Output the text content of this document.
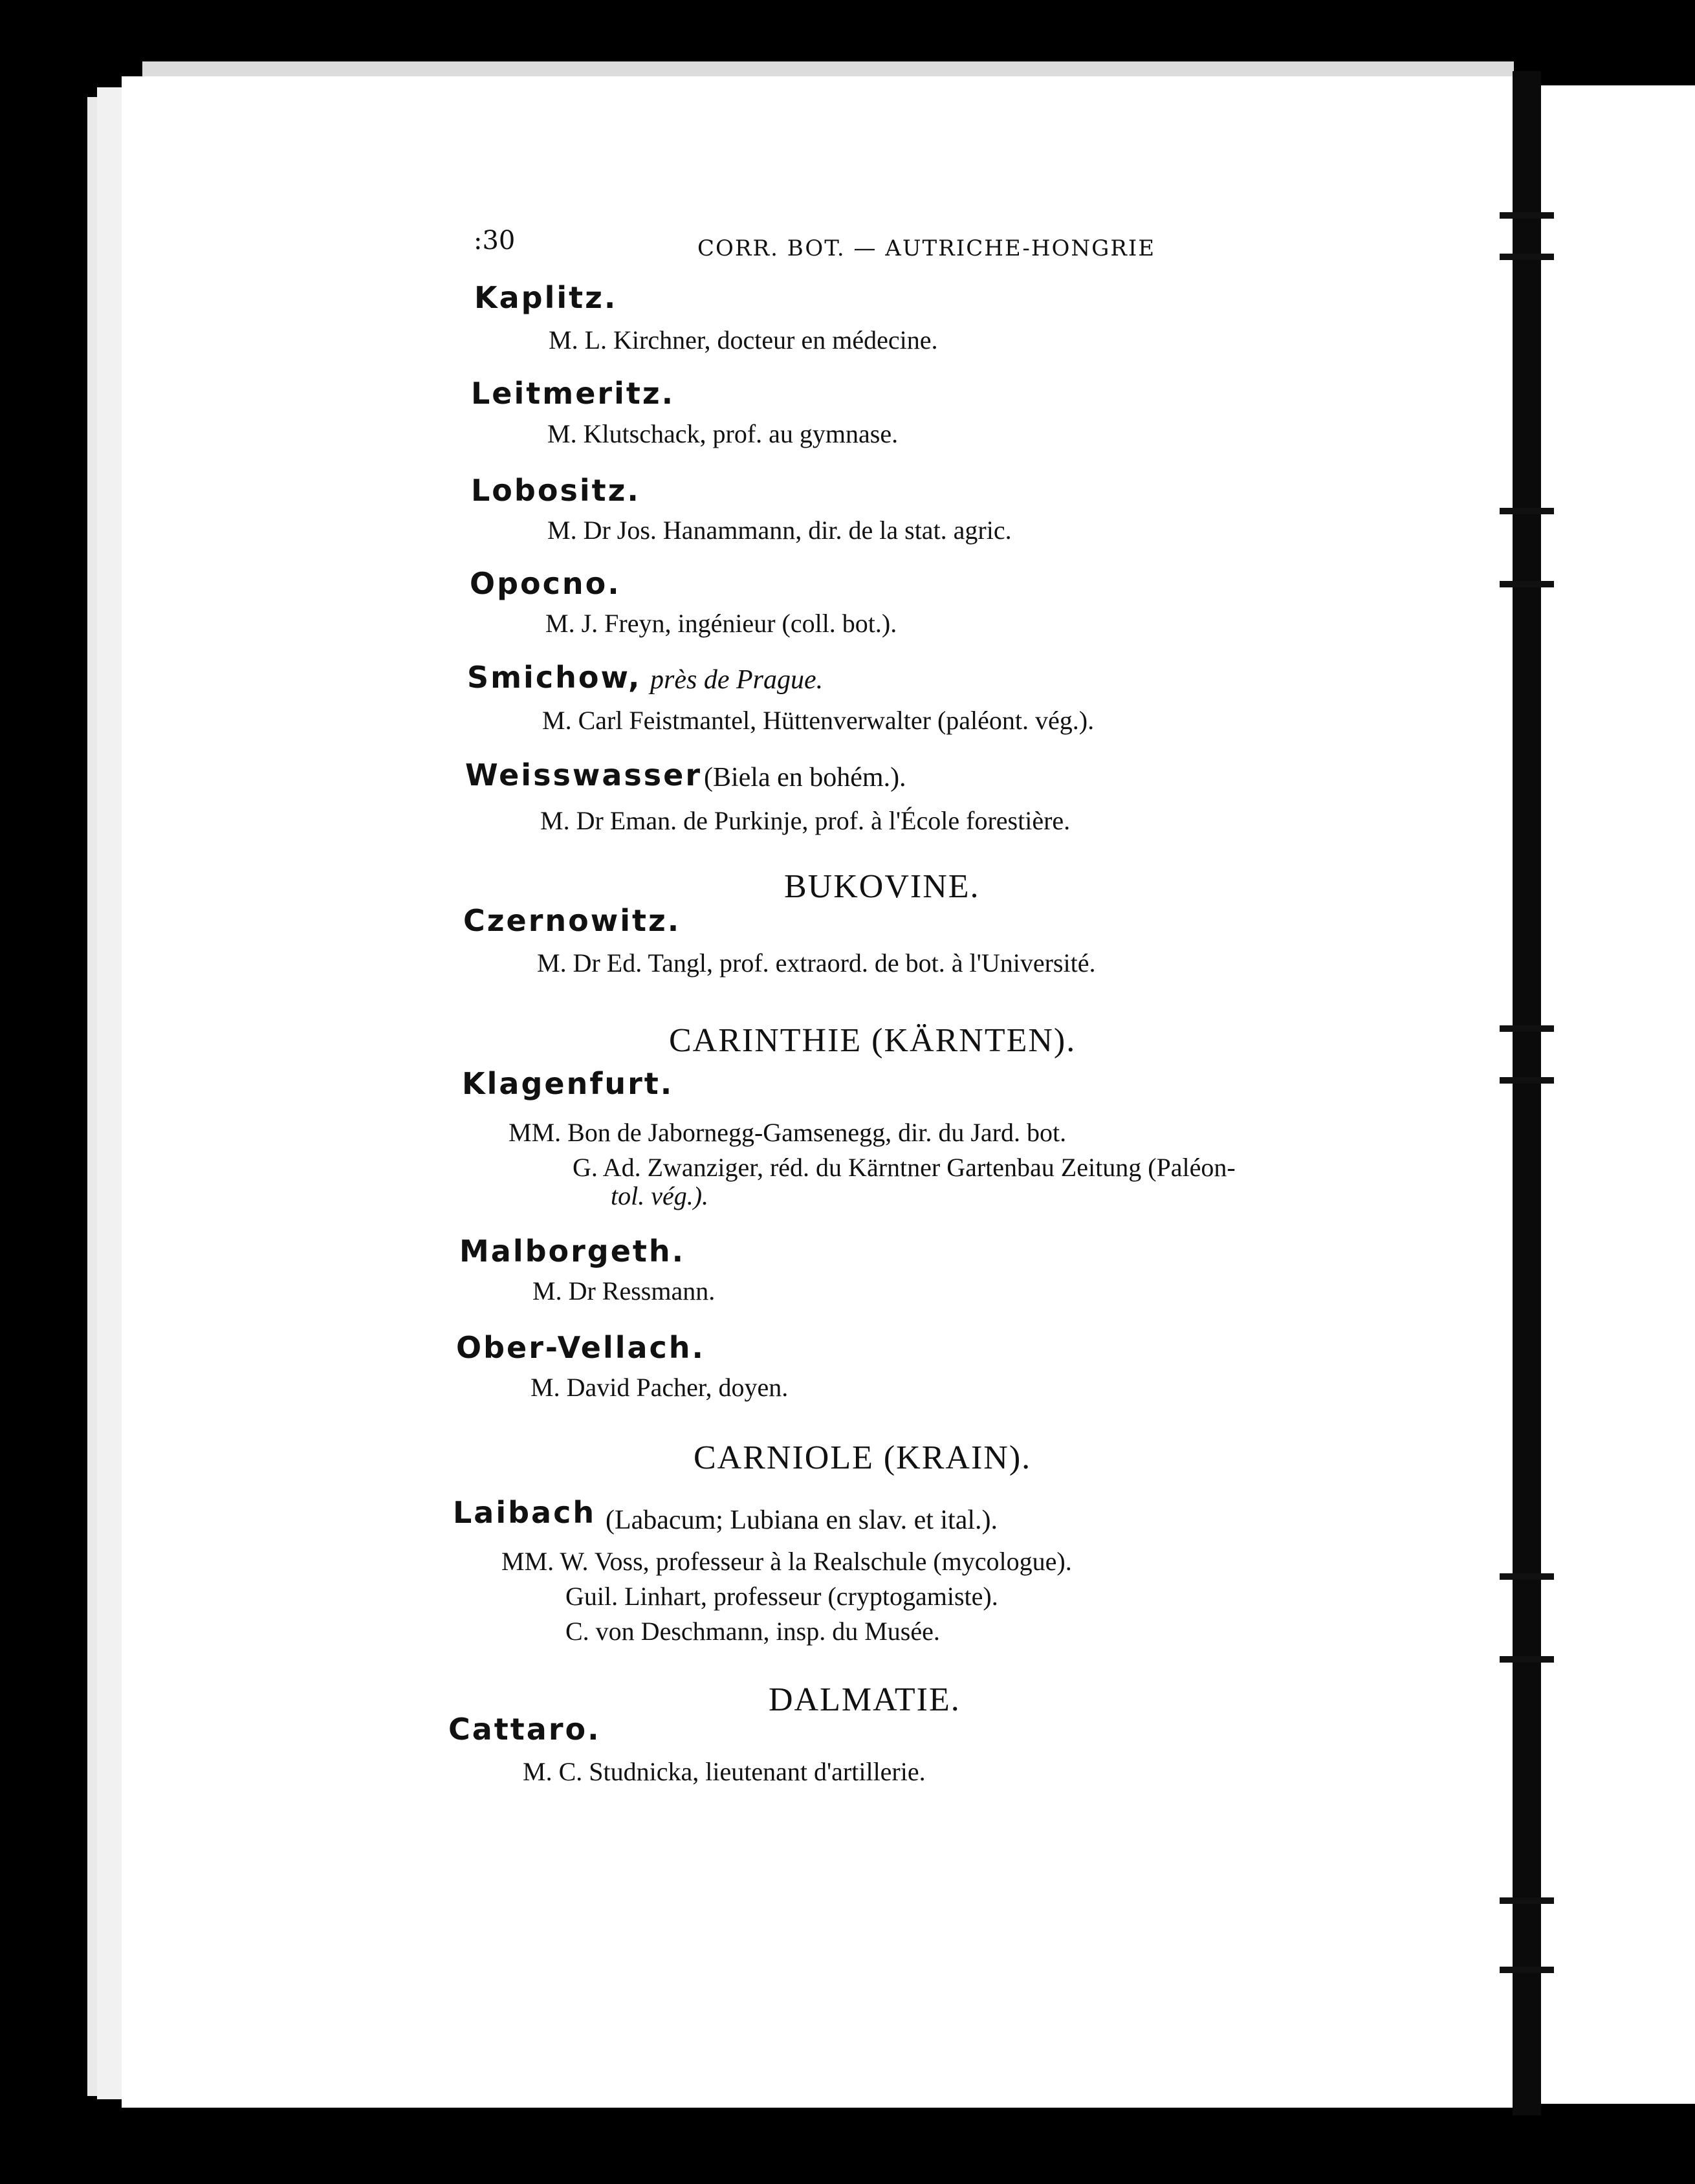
:30	CORR. BOT. — AUTRICHE-HONGRIE
Kaplitz.
M. L. Kirchner, docteur en médecine.
Leitmeritz.
M. Klutschack, prof. au gymnase.
Lobositz.
M. Dr Jos. Hanammann, dir. de la stat. agric.
Opocno.
M. J. Freyn, ingénieur (coll. bot.).
Smichow, près de Prague.
M. Carl Feistmantel, Hüttenverwalter (paléont. vég.).
Weisswasser (Biela en bohém.).
M. Dr Eman. de Purkinje, prof. à l'École forestière.
BUKOVINE.
Czernowitz.
M. Dr Ed. Tangl, prof. extraord. de bot. à l'Université.
CARINTHIE (KÄRNTEN).
Klagenfurt.
MM. Bon de Jabornegg-Gamsenegg, dir. du Jard. bot.
G. Ad. Zwanziger, réd. du Kärntner Gartenbau Zeitung (Paléon-
tol. vég.).
Malborgeth.
M. Dr Ressmann.
Ober-Vellach.
M. David Pacher, doyen.
CARNIOLE (KRAIN).
Laibach (Labacum; Lubiana en slav. et ital.).
MM. W. Voss, professeur à la Realschule (mycologue).
Guil. Linhart, professeur (cryptogamiste).
C. von Deschmann, insp. du Musée.
DALMATIE.
Cattaro.
M. C. Studnicka, lieutenant d'artillerie.
